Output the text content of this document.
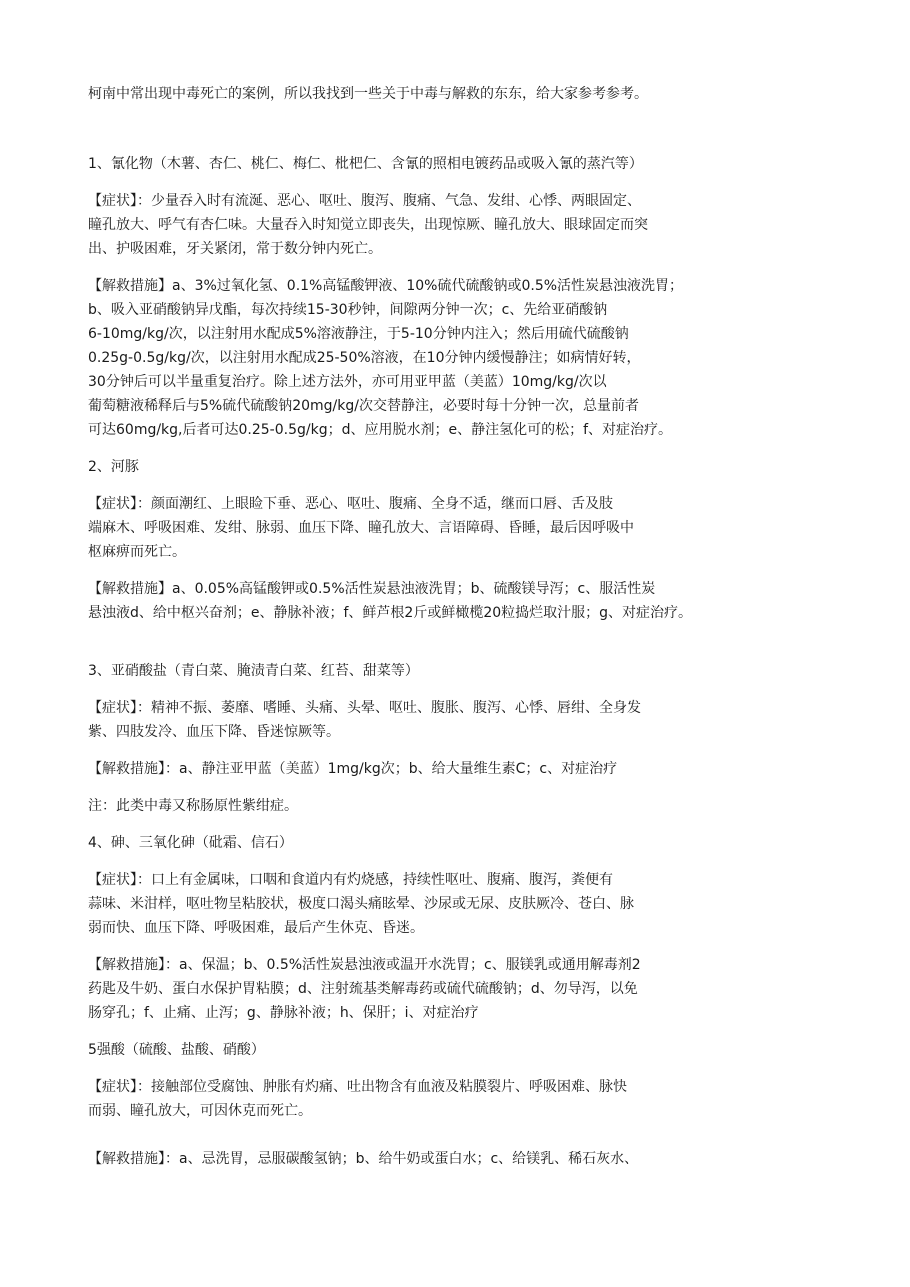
柯南中常出现中毒死亡的案例，所以我找到一些关于中毒与解救的东东，给大家参考参考。
1、氰化物（木薯、杏仁、桃仁、梅仁、枇杷仁、含氰的照相电镀药品或吸入氰的蒸汽等）
【症状】：少量吞入时有流涎、恶心、呕吐、腹泻、腹痛、气急、发绀、心悸、两眼固定、
瞳孔放大、呼气有杏仁味。大量吞入时知觉立即丧失，出现惊厥、瞳孔放大、眼球固定而突
出、护吸困难，牙关紧闭，常于数分钟内死亡。
【解救措施】a、3%过氧化氢、0.1%高锰酸钾液、10%硫代硫酸钠或0.5%活性炭悬浊液洗胃；
b、吸入亚硝酸钠异戊酯，每次持续15-30秒钟，间隙两分钟一次；c、先给亚硝酸钠
6-10mg/kg/次，以注射用水配成5%溶液静注，于5-10分钟内注入；然后用硫代硫酸钠
0.25g-0.5g/kg/次，以注射用水配成25-50%溶液，在10分钟内缓慢静注；如病情好转，
30分钟后可以半量重复治疗。除上述方法外，亦可用亚甲蓝（美蓝）10mg/kg/次以
葡萄糖液稀释后与5%硫代硫酸钠20mg/kg/次交替静注，必要时每十分钟一次，总量前者
可达60mg/kg,后者可达0.25-0.5g/kg；d、应用脱水剂；e、静注氢化可的松；f、对症治疗。
2、河豚
【症状】：颜面潮红、上眼睑下垂、恶心、呕吐、腹痛、全身不适，继而口唇、舌及肢
端麻木、呼吸困难、发绀、脉弱、血压下降、瞳孔放大、言语障碍、昏睡，最后因呼吸中
枢麻痹而死亡。
【解救措施】a、0.05%高锰酸钾或0.5%活性炭悬浊液洗胃；b、硫酸镁导泻；c、服活性炭
悬浊液d、给中枢兴奋剂；e、静脉补液；f、鲜芦根2斤或鲜橄榄20粒捣烂取汁服；g、对症治疗。
3、亚硝酸盐（青白菜、腌渍青白菜、红苔、甜菜等）
【症状】：精神不振、萎靡、嗜睡、头痛、头晕、呕吐、腹胀、腹泻、心悸、唇绀、全身发
紫、四肢发冷、血压下降、昏迷惊厥等。
【解救措施】：a、静注亚甲蓝（美蓝）1mg/kg次；b、给大量维生素C；c、对症治疗
注：此类中毒又称肠原性紫绀症。
4、砷、三氧化砷（砒霜、信石）
【症状】：口上有金属味，口咽和食道内有灼烧感，持续性呕吐、腹痛、腹泻，粪便有
蒜味、米泔样，呕吐物呈粘胶状，极度口渴头痛眩晕、沙尿或无尿、皮肤厥冷、苍白、脉
弱而快、血压下降、呼吸困难，最后产生休克、昏迷。
【解救措施】：a、保温；b、0.5%活性炭悬浊液或温开水洗胃；c、服镁乳或通用解毒剂2
药匙及牛奶、蛋白水保护胃粘膜；d、注射巯基类解毒药或硫代硫酸钠；d、勿导泻，以免
肠穿孔；f、止痛、止泻；g、静脉补液；h、保肝；i、对症治疗
5强酸（硫酸、盐酸、硝酸）
【症状】：接触部位受腐蚀、肿胀有灼痛、吐出物含有血液及粘膜裂片、呼吸困难、脉快
而弱、瞳孔放大，可因休克而死亡。
【解救措施】：a、忌洗胃，忌服碳酸氢钠；b、给牛奶或蛋白水；c、给镁乳、稀石灰水、
